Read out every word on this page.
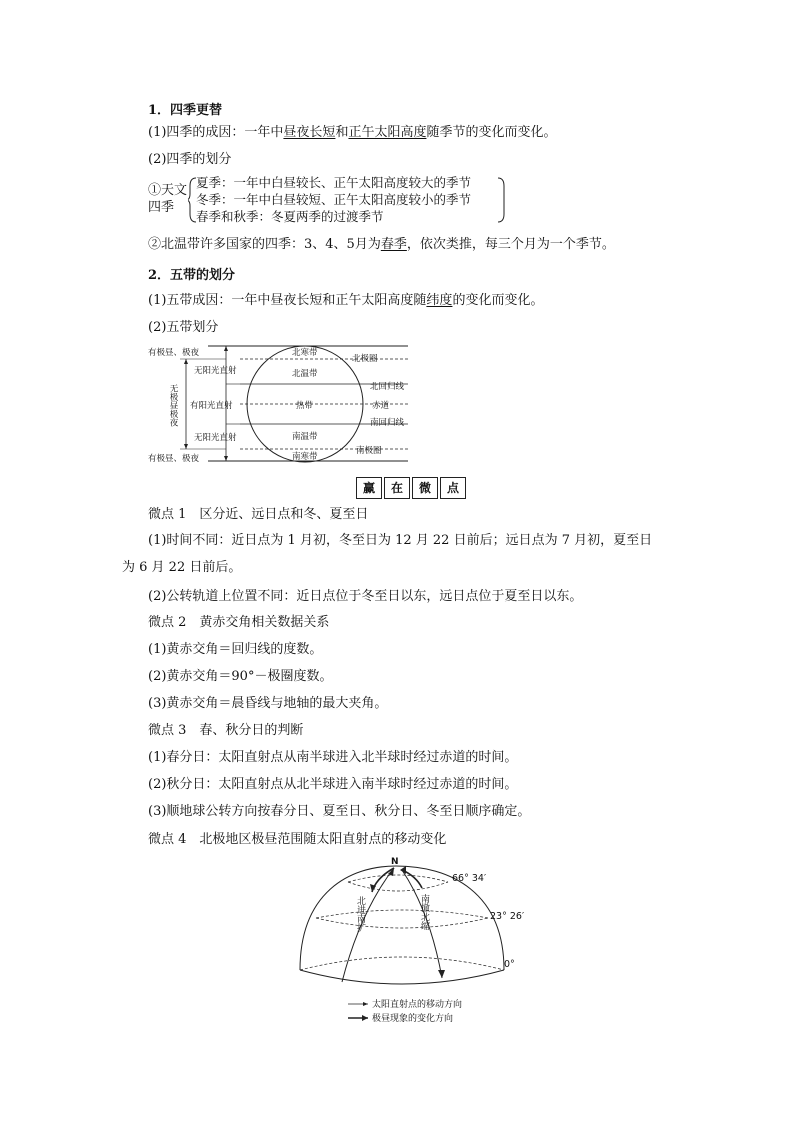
1．四季更替
(1)四季的成因：一年中昼夜长短和正午太阳高度随季节的变化而变化。
(2)四季的划分
①天文
四季
夏季：一年中白昼较长、正午太阳高度较大的季节
冬季：一年中白昼较短、正午太阳高度较小的季节
春季和秋季：冬夏两季的过渡季节
②北温带许多国家的四季：3、4、5月为春季，依次类推，每三个月为一个季节。
2．五带的划分
(1)五带成因：一年中昼夜长短和正午太阳高度随纬度的变化而变化。
(2)五带划分
有极昼、极夜
有极昼、极夜
无阳光直射
有阳光直射
无阳光直射
无极昼极夜
北寒带
北温带
热带
南温带
南寒带
北极圈
北回归线
赤道
南回归线
南极圈
赢	在	微	点
微点 1　区分近、远日点和冬、夏至日
(1)时间不同：近日点为 1 月初，冬至日为 12 月 22 日前后；远日点为 7 月初，夏至日
为 6 月 22 日前后。
(2)公转轨道上位置不同：近日点位于冬至日以东，远日点位于夏至日以东。
微点 2　黄赤交角相关数据关系
(1)黄赤交角＝回归线的度数。
(2)黄赤交角＝90°－极圈度数。
(3)黄赤交角＝晨昏线与地轴的最大夹角。
微点 3　春、秋分日的判断
(1)春分日：太阳直射点从南半球进入北半球时经过赤道的时间。
(2)秋分日：太阳直射点从北半球进入南半球时经过赤道的时间。
(3)顺地球公转方向按春分日、夏至日、秋分日、冬至日顺序确定。
微点 4　北极地区极昼范围随太阳直射点的移动变化
N
66° 34′
23° 26′
0°
北进南扩	南撤北缩
太阳直射点的移动方向
极昼现象的变化方向
